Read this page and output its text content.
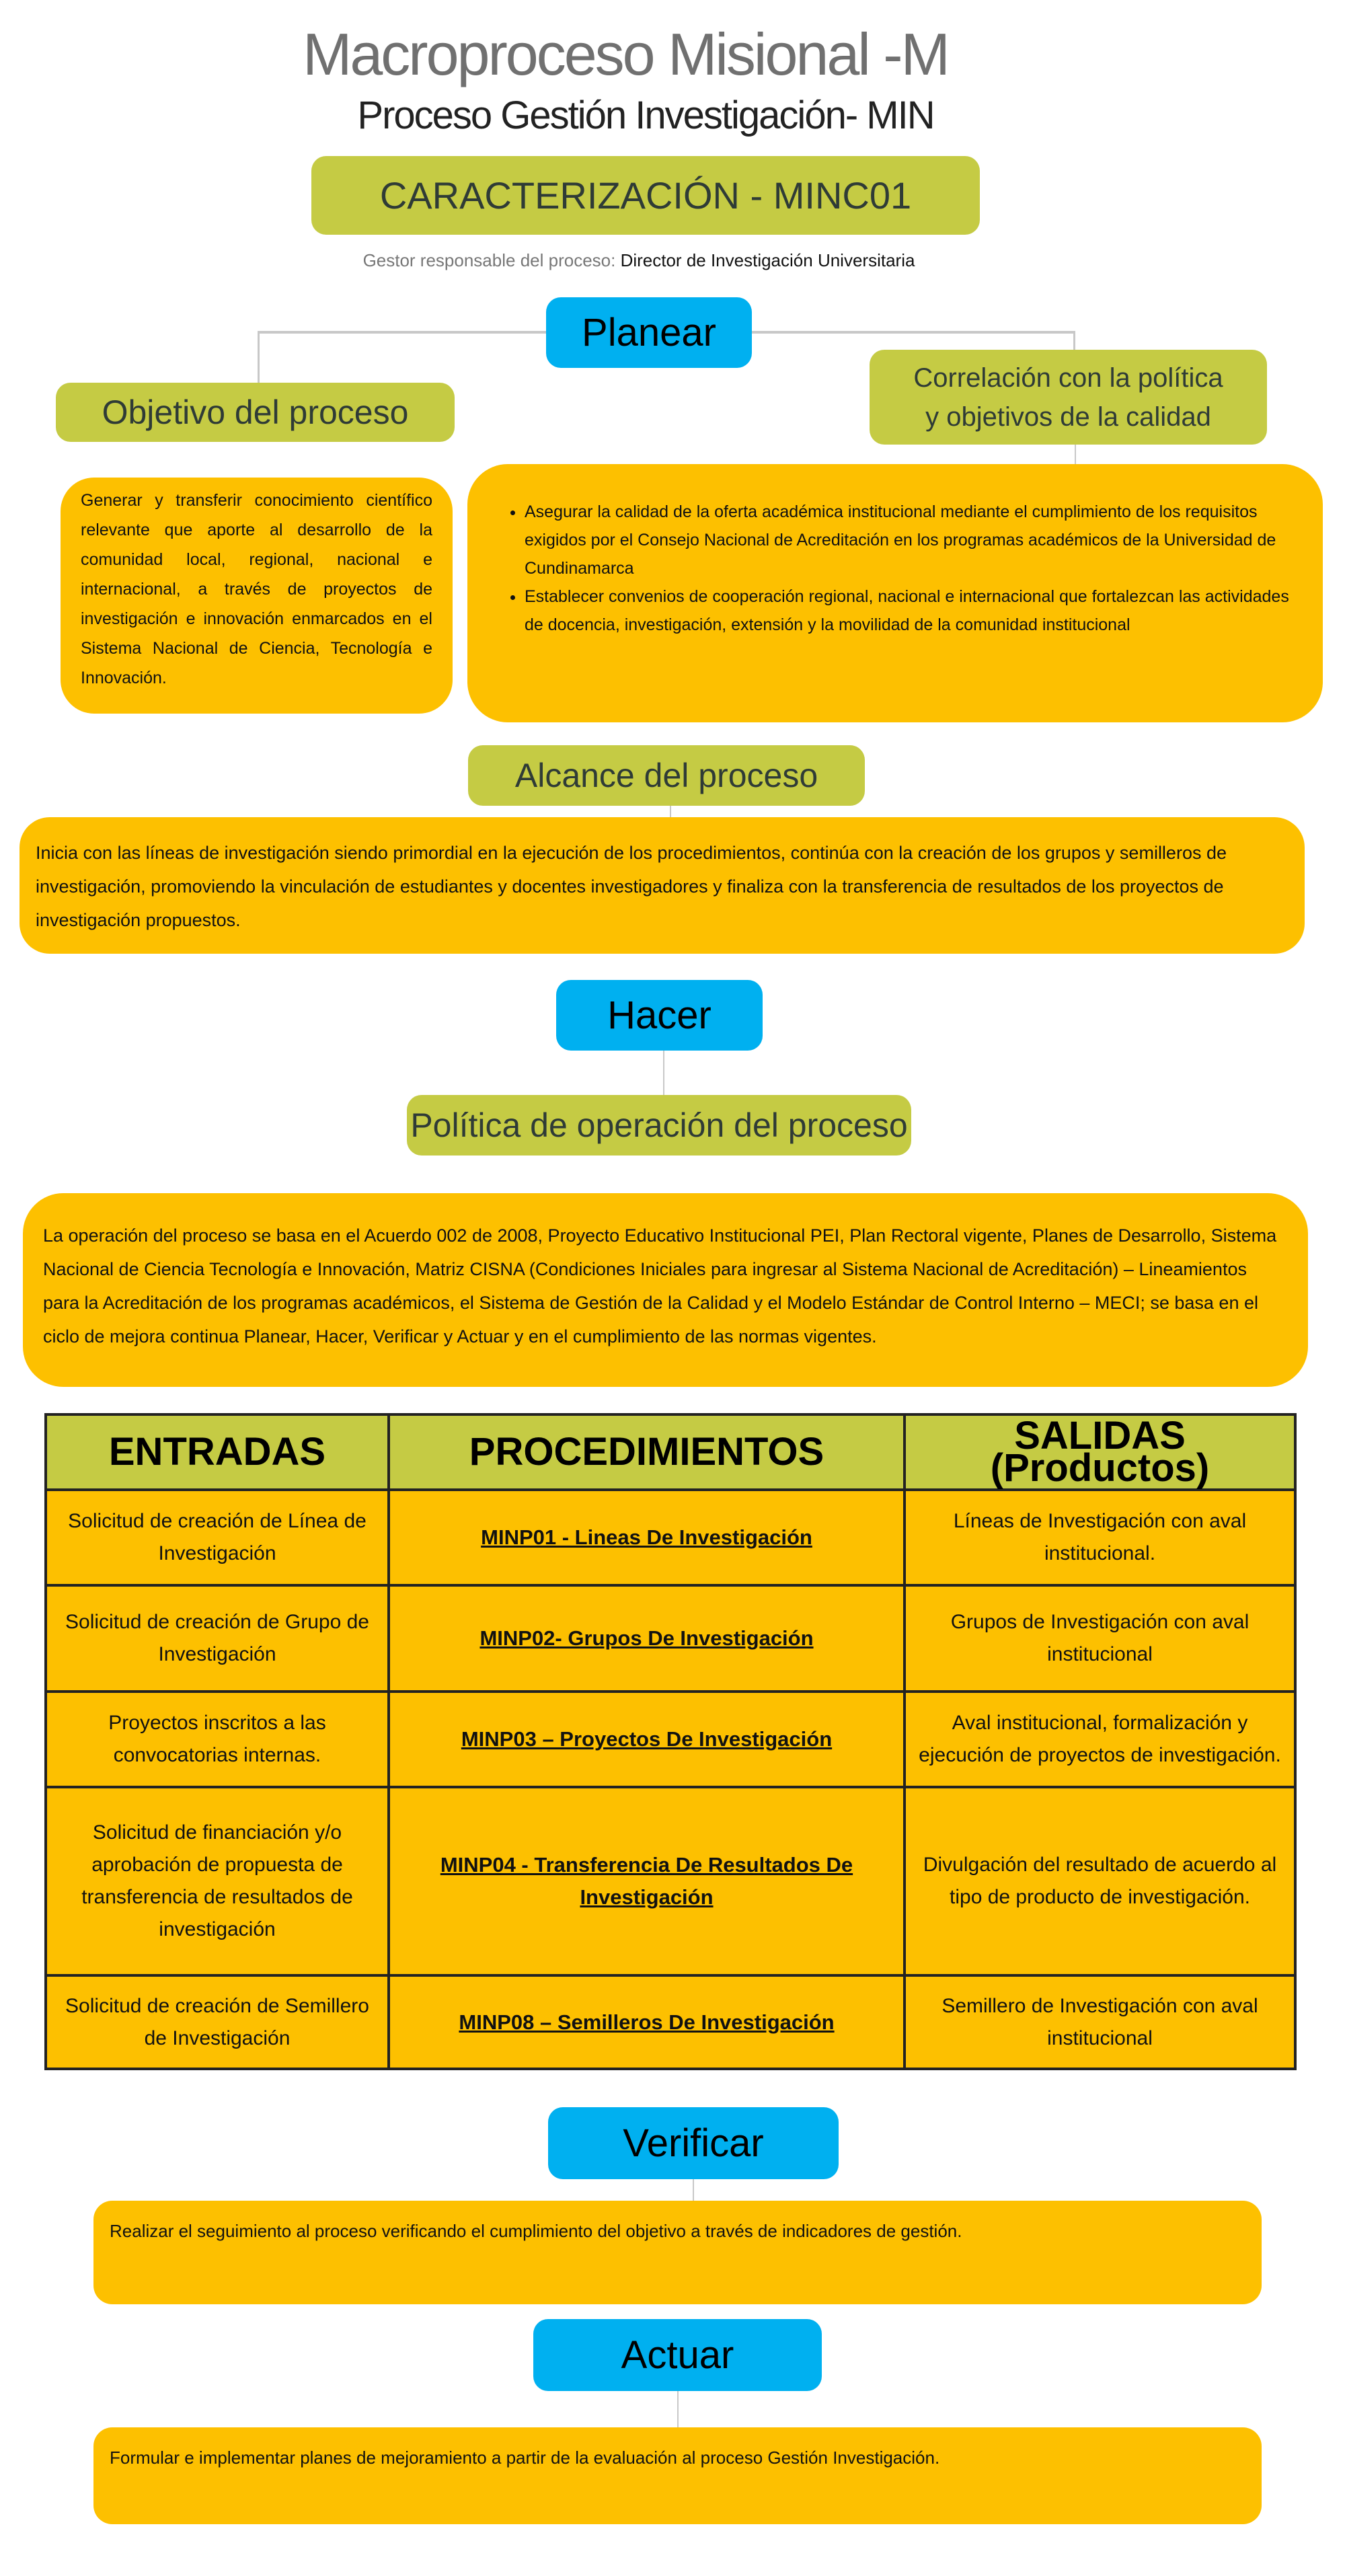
Macroproceso Misional -M
Proceso Gestión Investigación- MIN
CARACTERIZACIÓN - MINC01
Gestor responsable del proceso: Director de Investigación Universitaria
Planear
Objetivo del proceso
Correlación con la política
y objetivos de la calidad
Generar y transferir conocimiento científico relevante que aporte al desarrollo de la comunidad local, regional, nacional e internacional, a través de proyectos de investigación e innovación enmarcados en el Sistema Nacional de Ciencia, Tecnología e Innovación.
• Asegurar la calidad de la oferta académica institucional mediante el cumplimiento de los requisitos exigidos por el Consejo Nacional de Acreditación en los programas académicos de la Universidad de Cundinamarca
• Establecer convenios de cooperación regional, nacional e internacional que fortalezcan las actividades de docencia, investigación, extensión y la movilidad de la comunidad institucional
Alcance del proceso
Inicia con las líneas de investigación siendo primordial en la ejecución de los procedimientos, continúa con la creación de los grupos y semilleros de investigación, promoviendo la vinculación de estudiantes y docentes investigadores y finaliza con la transferencia de resultados de los proyectos de investigación propuestos.
Hacer
Política de operación del proceso
La operación del proceso se basa en el Acuerdo 002 de 2008, Proyecto Educativo Institucional PEI, Plan Rectoral vigente, Planes de Desarrollo, Sistema Nacional de Ciencia Tecnología e Innovación, Matriz CISNA (Condiciones Iniciales para ingresar al Sistema Nacional de Acreditación) – Lineamientos para la Acreditación de los programas académicos, el Sistema de Gestión de la Calidad y el Modelo Estándar de Control Interno – MECI; se basa en el ciclo de mejora continua Planear, Hacer, Verificar y Actuar y en el cumplimiento de las normas vigentes.
ENTRADAS	PROCEDIMIENTOS	SALIDAS (Productos)
Solicitud de creación de Línea de Investigación	MINP01 - Lineas De Investigación	Líneas de Investigación con aval institucional.
Solicitud de creación de Grupo de Investigación	MINP02- Grupos De Investigación	Grupos de Investigación con aval institucional
Proyectos inscritos a las convocatorias internas.	MINP03 – Proyectos De Investigación	Aval institucional, formalización y ejecución de proyectos de investigación.
Solicitud de financiación y/o aprobación de propuesta de transferencia de resultados de investigación	MINP04 - Transferencia De Resultados De Investigación	Divulgación del resultado de acuerdo al tipo de producto de investigación.
Solicitud de creación de Semillero de Investigación	MINP08 – Semilleros De Investigación	Semillero de Investigación con aval institucional
Verificar
Realizar el seguimiento al proceso verificando el cumplimiento del objetivo a través de indicadores de gestión.
Actuar
Formular e implementar planes de mejoramiento a partir de la evaluación al proceso Gestión Investigación.
